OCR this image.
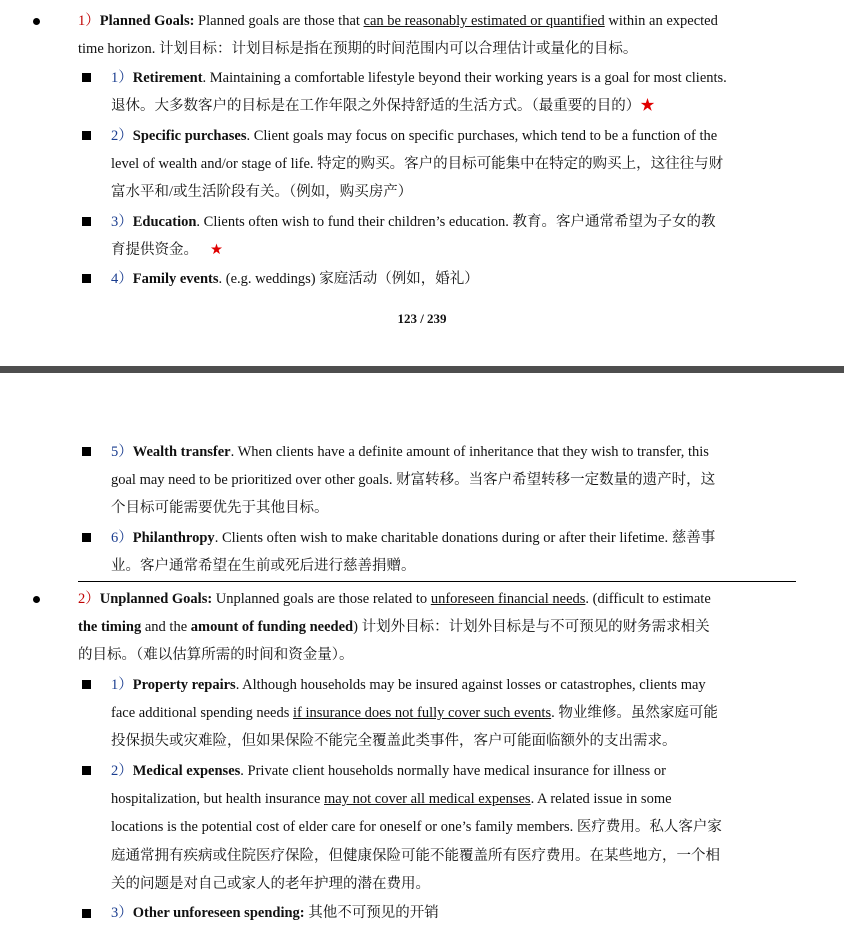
1）Planned Goals: Planned goals are those that can be reasonably estimated or quantified within an expected
time horizon. 计划目标：计划目标是指在预期的时间范围内可以合理估计或量化的目标。
1）Retirement. Maintaining a comfortable lifestyle beyond their working years is a goal for most clients.
退休。大多数客户的目标是在工作年限之外保持舒适的生活方式。（最重要的目的）★
2）Specific purchases. Client goals may focus on specific purchases, which tend to be a function of the
level of wealth and/or stage of life. 特定的购买。客户的目标可能集中在特定的购买上，这往往与财
富水平和/或生活阶段有关。（例如，购买房产）
3）Education. Clients often wish to fund their children’s education. 教育。客户通常希望为子女的教
育提供资金。 ★
4）Family events. (e.g. weddings) 家庭活动（例如，婚礼）
123 / 239
5）Wealth transfer. When clients have a definite amount of inheritance that they wish to transfer, this
goal may need to be prioritized over other goals. 财富转移。当客户希望转移一定数量的遗产时，这
个目标可能需要优先于其他目标。
6）Philanthropy. Clients often wish to make charitable donations during or after their lifetime. 慈善事
业。客户通常希望在生前或死后进行慈善捐赠。
2）Unplanned Goals: Unplanned goals are those related to unforeseen financial needs. (difficult to estimate
the timing and the amount of funding needed) 计划外目标：计划外目标是与不可预见的财务需求相关
的目标。（难以估算所需的时间和资金量）。
1）Property repairs. Although households may be insured against losses or catastrophes, clients may
face additional spending needs if insurance does not fully cover such events. 物业维修。虽然家庭可能
投保损失或灾难险，但如果保险不能完全覆盖此类事件，客户可能面临额外的支出需求。
2）Medical expenses. Private client households normally have medical insurance for illness or
hospitalization, but health insurance may not cover all medical expenses. A related issue in some
locations is the potential cost of elder care for oneself or one’s family members. 医疗费用。私人客户家
庭通常拥有疾病或住院医疗保险，但健康保险可能不能覆盖所有医疗费用。在某些地方，一个相
关的问题是对自己或家人的老年护理的潜在费用。
3）Other unforeseen spending: 其他不可预见的开销
